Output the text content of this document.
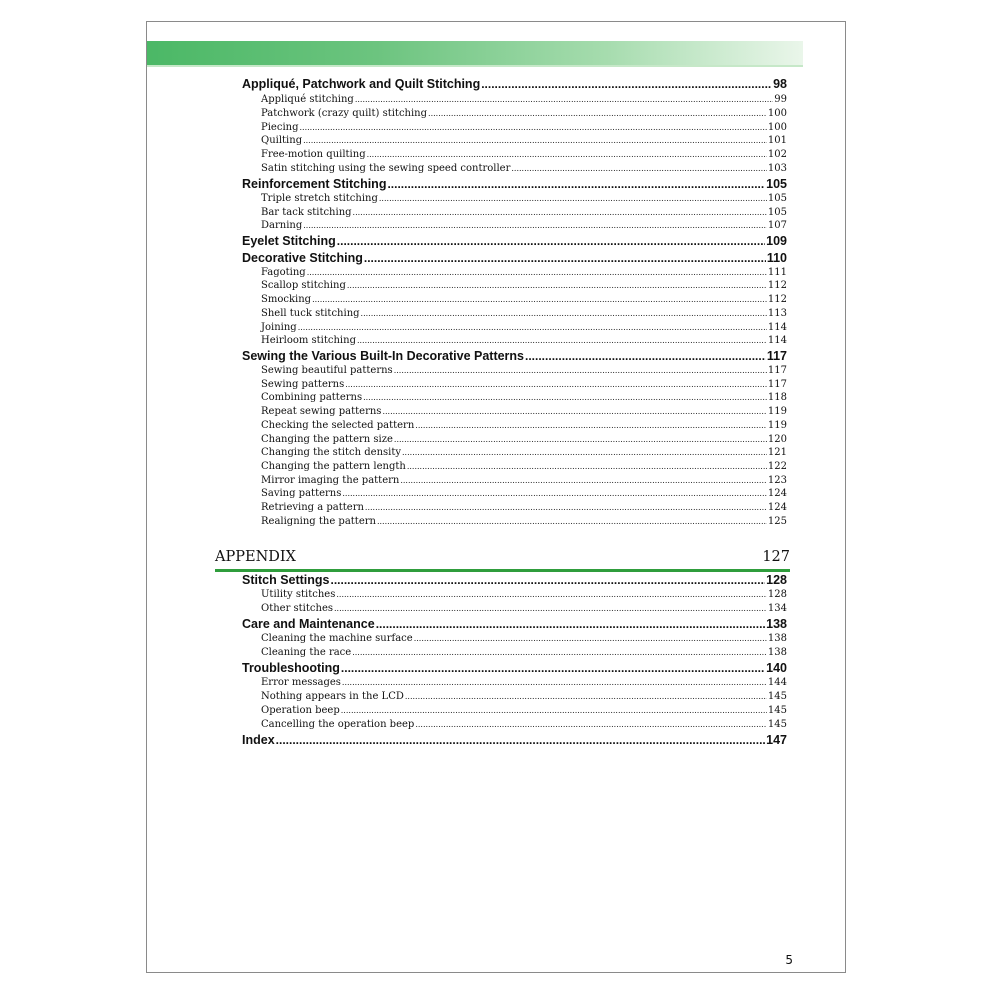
Appliqué, Patchwork and Quilt Stitching .....	98
Appliqué stitching .....	99
Patchwork (crazy quilt) stitching .....	100
Piecing .....	100
Quilting .....	101
Free-motion quilting .....	102
Satin stitching using the sewing speed controller .....	103
Reinforcement Stitching .....	105
Triple stretch stitching .....	105
Bar tack stitching .....	105
Darning .....	107
Eyelet Stitching .....	109
Decorative Stitching .....	110
Fagoting .....	111
Scallop stitching .....	112
Smocking .....	112
Shell tuck stitching .....	113
Joining .....	114
Heirloom stitching .....	114
Sewing the Various Built-In Decorative Patterns .....	117
Sewing beautiful patterns .....	117
Sewing patterns .....	117
Combining patterns .....	118
Repeat sewing patterns .....	119
Checking the selected pattern .....	119
Changing the pattern size .....	120
Changing the stitch density .....	121
Changing the pattern length .....	122
Mirror imaging the pattern .....	123
Saving patterns .....	124
Retrieving a pattern .....	124
Realigning the pattern .....	125
APPENDIX	127
Stitch Settings .....	128
Utility stitches .....	128
Other stitches .....	134
Care and Maintenance .....	138
Cleaning the machine surface .....	138
Cleaning the race .....	138
Troubleshooting .....	140
Error messages .....	144
Nothing appears in the LCD .....	145
Operation beep .....	145
Cancelling the operation beep .....	145
Index .....	147
5
